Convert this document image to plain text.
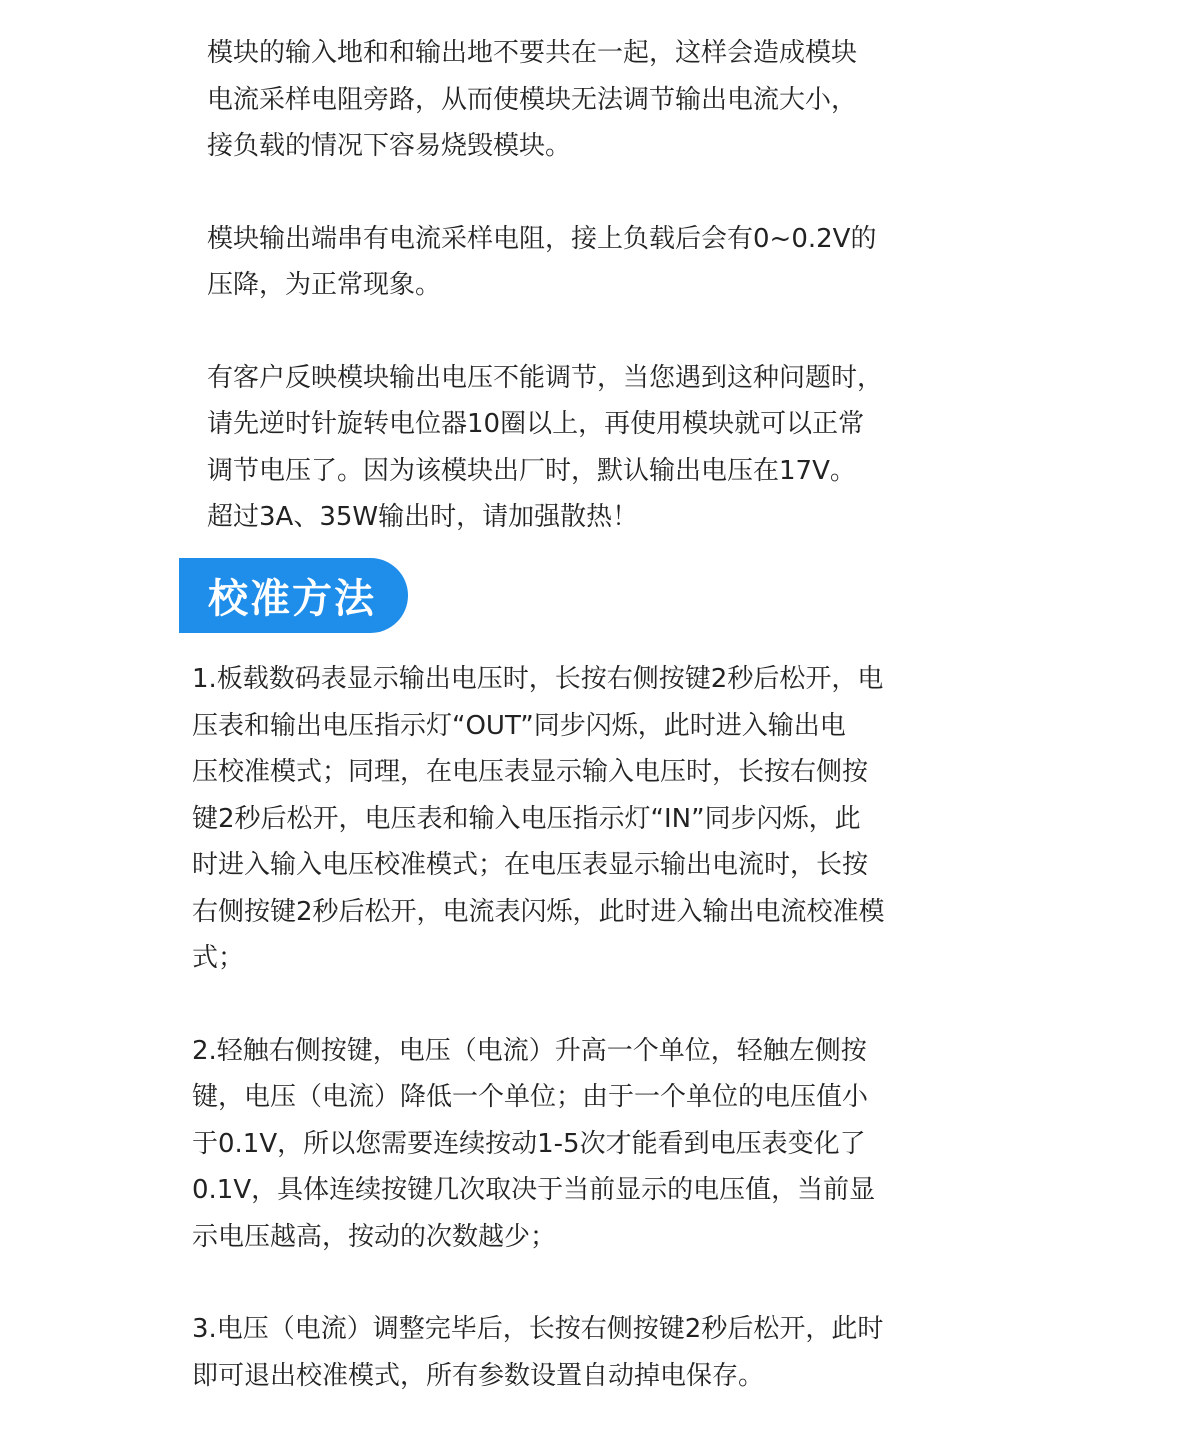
模块的输入地和和输出地不要共在一起，这样会造成模块
电流采样电阻旁路，从而使模块无法调节输出电流大小，
接负载的情况下容易烧毁模块。

模块输出端串有电流采样电阻，接上负载后会有0~0.2V的
压降，为正常现象。

有客户反映模块输出电压不能调节，当您遇到这种问题时，
请先逆时针旋转电位器10圈以上，再使用模块就可以正常
调节电压了。因为该模块出厂时，默认输出电压在17V。
超过3A、35W输出时，请加强散热！

校准方法

1.板载数码表显示输出电压时，长按右侧按键2秒后松开，电
压表和输出电压指示灯“OUT”同步闪烁，此时进入输出电
压校准模式；同理，在电压表显示输入电压时，长按右侧按
键2秒后松开，电压表和输入电压指示灯“IN”同步闪烁，此
时进入输入电压校准模式；在电压表显示输出电流时，长按
右侧按键2秒后松开，电流表闪烁，此时进入输出电流校准模
式；

2.轻触右侧按键，电压（电流）升高一个单位，轻触左侧按
键，电压（电流）降低一个单位；由于一个单位的电压值小
于0.1V，所以您需要连续按动1-5次才能看到电压表变化了
0.1V，具体连续按键几次取决于当前显示的电压值，当前显
示电压越高，按动的次数越少；

3.电压（电流）调整完毕后，长按右侧按键2秒后松开，此时
即可退出校准模式，所有参数设置自动掉电保存。
